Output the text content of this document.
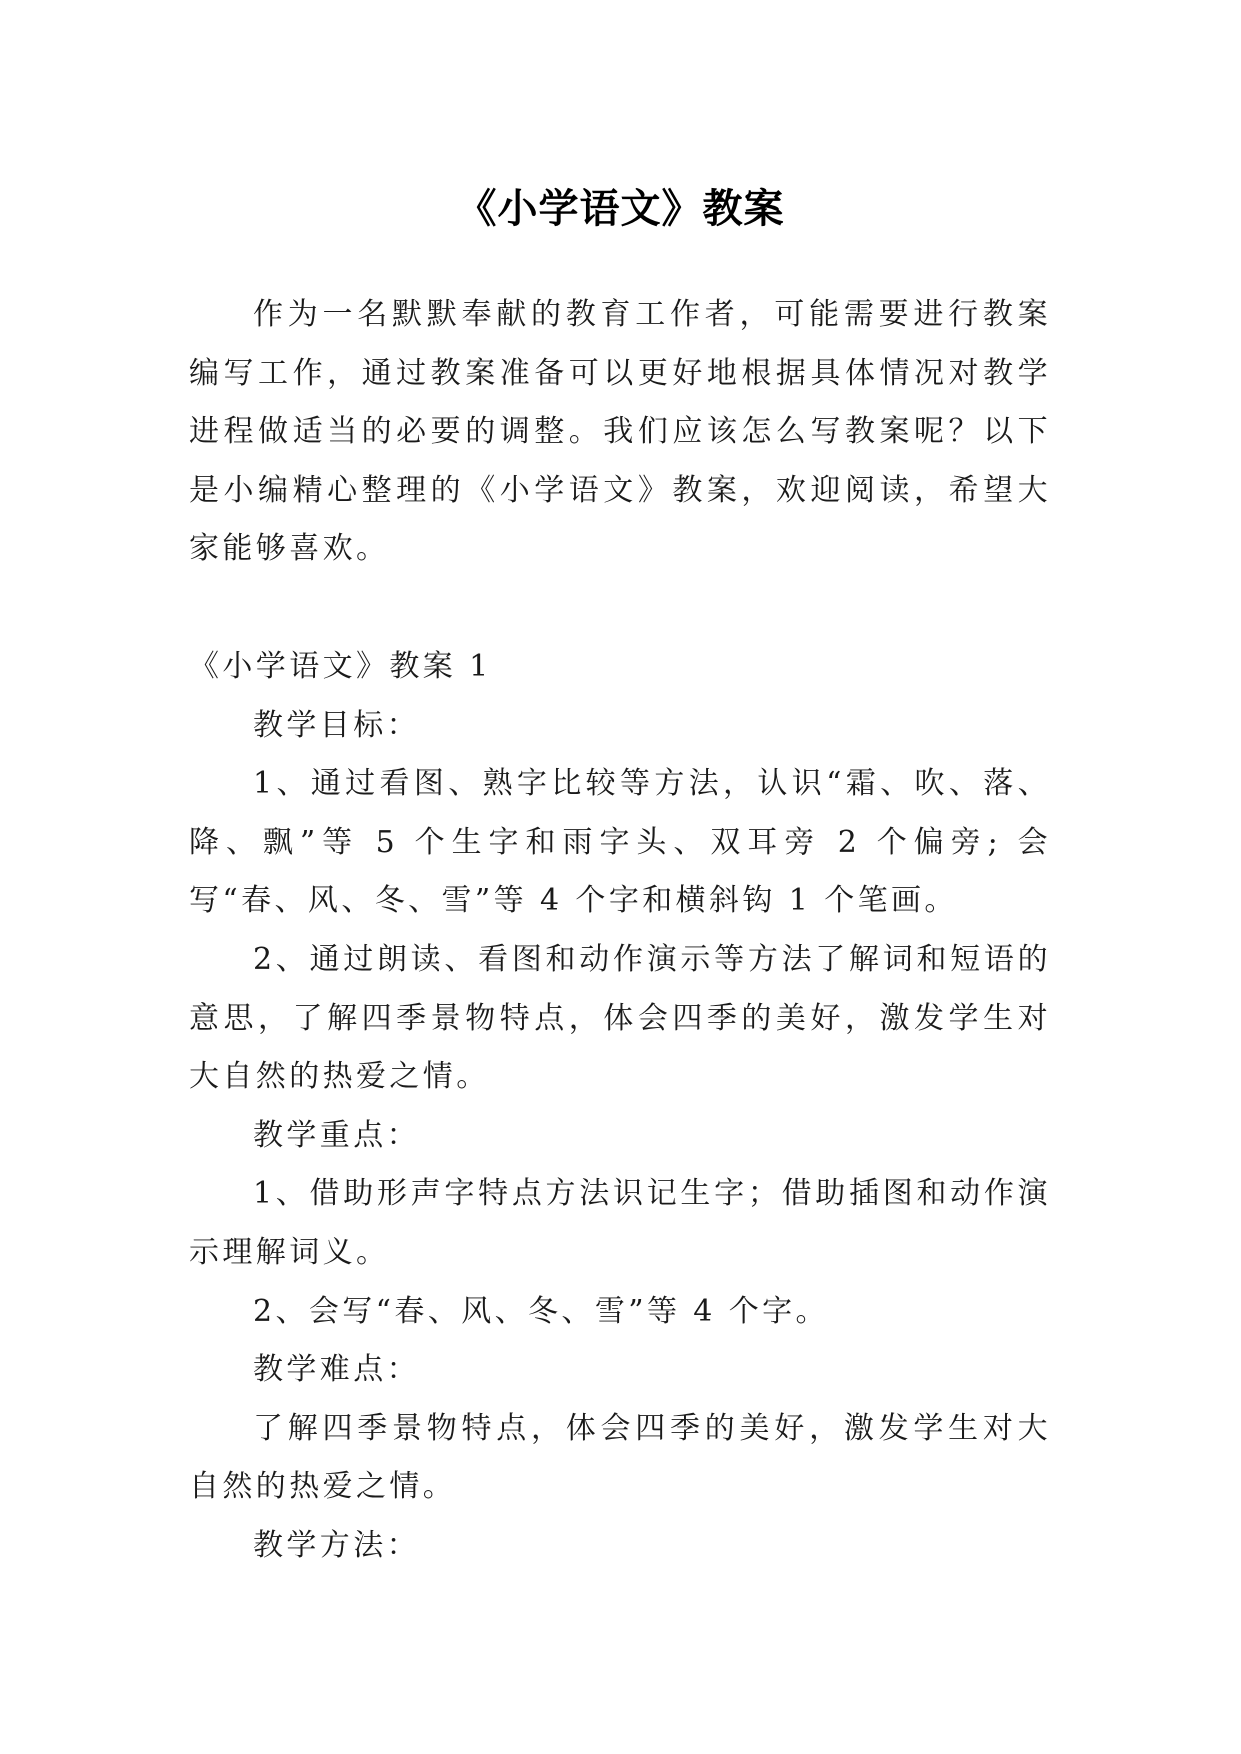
《小学语文》教案

作为一名默默奉献的教育工作者，可能需要进行教案编写工作，通过教案准备可以更好地根据具体情况对教学进程做适当的必要的调整。我们应该怎么写教案呢？以下是小编精心整理的《小学语文》教案，欢迎阅读，希望大家能够喜欢。

《小学语文》教案 1

教学目标：

1、通过看图、熟字比较等方法，认识“霜、吹、落、降、飘”等 5 个生字和雨字头、双耳旁 2 个偏旁; 会写“春、风、冬、雪”等 4 个字和横斜钩 1 个笔画。

2、通过朗读、看图和动作演示等方法了解词和短语的意思，了解四季景物特点，体会四季的美好，激发学生对大自然的热爱之情。

教学重点：

1、借助形声字特点方法识记生字；借助插图和动作演示理解词义。

2、会写“春、风、冬、雪”等 4 个字。

教学难点：

了解四季景物特点，体会四季的美好，激发学生对大自然的热爱之情。

教学方法：
